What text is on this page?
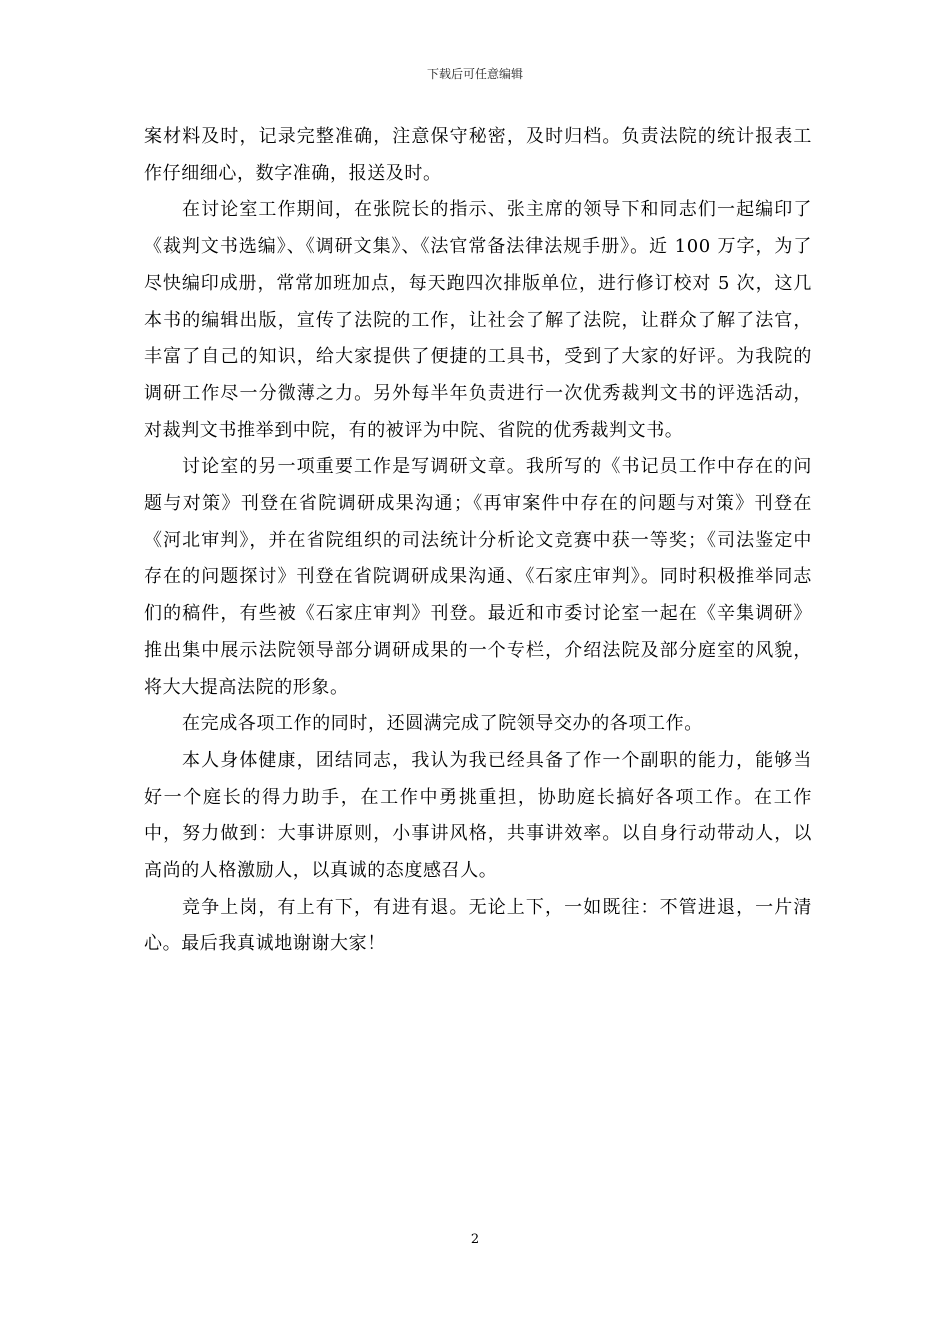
下载后可任意编辑

案材料及时，记录完整准确，注意保守秘密，及时归档。负责法院的统计报表工作仔细细心，数字准确，报送及时。

在讨论室工作期间，在张院长的指示、张主席的领导下和同志们一起编印了《裁判文书选编》、《调研文集》、《法官常备法律法规手册》。近 100 万字，为了尽快编印成册，常常加班加点，每天跑四次排版单位，进行修订校对 5 次，这几本书的编辑出版，宣传了法院的工作，让社会了解了法院，让群众了解了法官，丰富了自己的知识，给大家提供了便捷的工具书，受到了大家的好评。为我院的调研工作尽一分微薄之力。另外每半年负责进行一次优秀裁判文书的评选活动，对裁判文书推举到中院，有的被评为中院、省院的优秀裁判文书。

讨论室的另一项重要工作是写调研文章。我所写的《书记员工作中存在的问题与对策》刊登在省院调研成果沟通；《再审案件中存在的问题与对策》刊登在《河北审判》，并在省院组织的司法统计分析论文竞赛中获一等奖；《司法鉴定中存在的问题探讨》刊登在省院调研成果沟通、《石家庄审判》。同时积极推举同志们的稿件，有些被《石家庄审判》刊登。最近和市委讨论室一起在《辛集调研》推出集中展示法院领导部分调研成果的一个专栏，介绍法院及部分庭室的风貌，将大大提高法院的形象。

在完成各项工作的同时，还圆满完成了院领导交办的各项工作。

本人身体健康，团结同志，我认为我已经具备了作一个副职的能力，能够当好一个庭长的得力助手，在工作中勇挑重担，协助庭长搞好各项工作。在工作中，努力做到：大事讲原则，小事讲风格，共事讲效率。以自身行动带动人，以高尚的人格激励人，以真诚的态度感召人。

竞争上岗，有上有下，有进有退。无论上下，一如既往：不管进退，一片清心。最后我真诚地谢谢大家！

2
